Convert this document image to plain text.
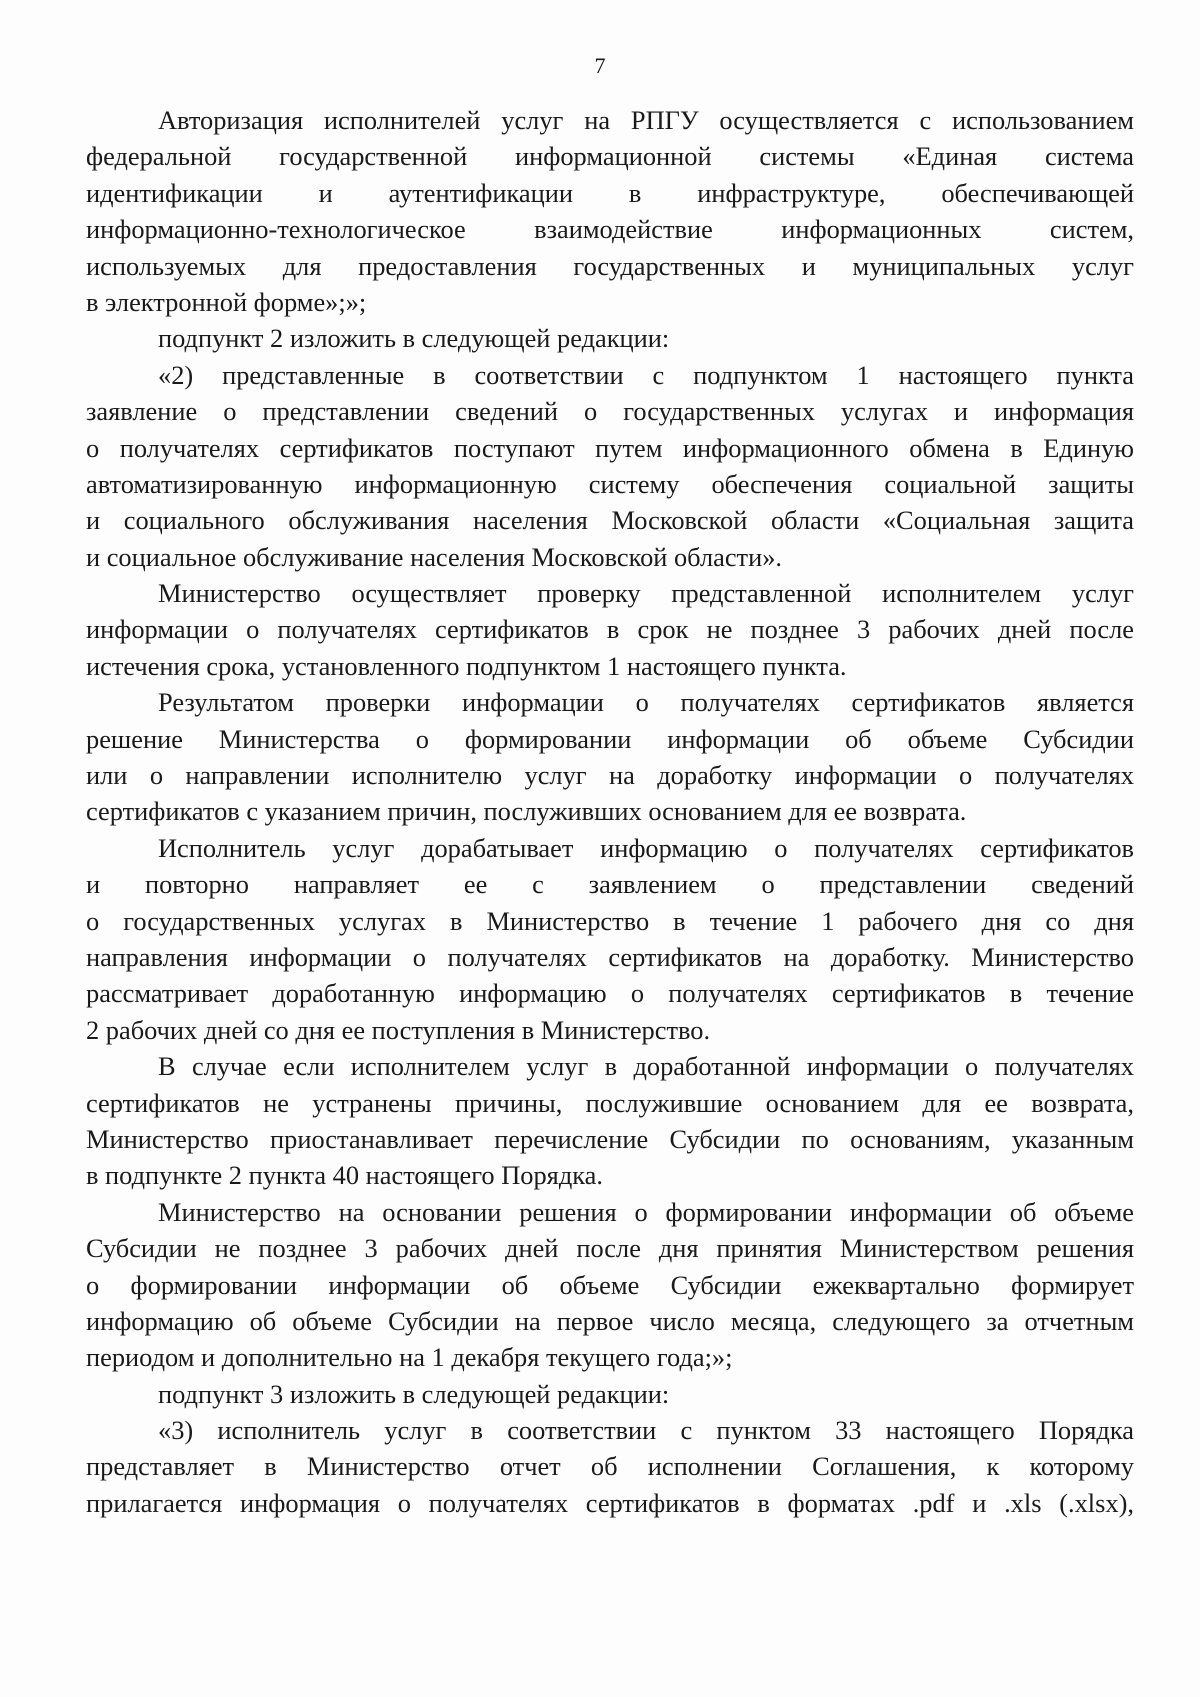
7
Авторизация исполнителей услуг на РПГУ осуществляется с использованием
федеральной государственной информационной системы «Единая система
идентификации и аутентификации в инфраструктуре, обеспечивающей
информационно-технологическое взаимодействие информационных систем,
используемых для предоставления государственных и муниципальных услуг
в электронной форме»;»;
подпункт 2 изложить в следующей редакции:
«2) представленные в соответствии с подпунктом 1 настоящего пункта
заявление о представлении сведений о государственных услугах и информация
о получателях сертификатов поступают путем информационного обмена в Единую
автоматизированную информационную систему обеспечения социальной защиты
и социального обслуживания населения Московской области «Социальная защита
и социальное обслуживание населения Московской области».
Министерство осуществляет проверку представленной исполнителем услуг
информации о получателях сертификатов в срок не позднее 3 рабочих дней после
истечения срока, установленного подпунктом 1 настоящего пункта.
Результатом проверки информации о получателях сертификатов является
решение Министерства о формировании информации об объеме Субсидии
или о направлении исполнителю услуг на доработку информации о получателях
сертификатов с указанием причин, послуживших основанием для ее возврата.
Исполнитель услуг дорабатывает информацию о получателях сертификатов
и повторно направляет ее с заявлением о представлении сведений
о государственных услугах в Министерство в течение 1 рабочего дня со дня
направления информации о получателях сертификатов на доработку. Министерство
рассматривает доработанную информацию о получателях сертификатов в течение
2 рабочих дней со дня ее поступления в Министерство.
В случае если исполнителем услуг в доработанной информации о получателях
сертификатов не устранены причины, послужившие основанием для ее возврата,
Министерство приостанавливает перечисление Субсидии по основаниям, указанным
в подпункте 2 пункта 40 настоящего Порядка.
Министерство на основании решения о формировании информации об объеме
Субсидии не позднее 3 рабочих дней после дня принятия Министерством решения
о формировании информации об объеме Субсидии ежеквартально формирует
информацию об объеме Субсидии на первое число месяца, следующего за отчетным
периодом и дополнительно на 1 декабря текущего года;»;
подпункт 3 изложить в следующей редакции:
«3) исполнитель услуг в соответствии с пунктом 33 настоящего Порядка
представляет в Министерство отчет об исполнении Соглашения, к которому
прилагается информация о получателях сертификатов в форматах .pdf и .xls (.xlsx),
